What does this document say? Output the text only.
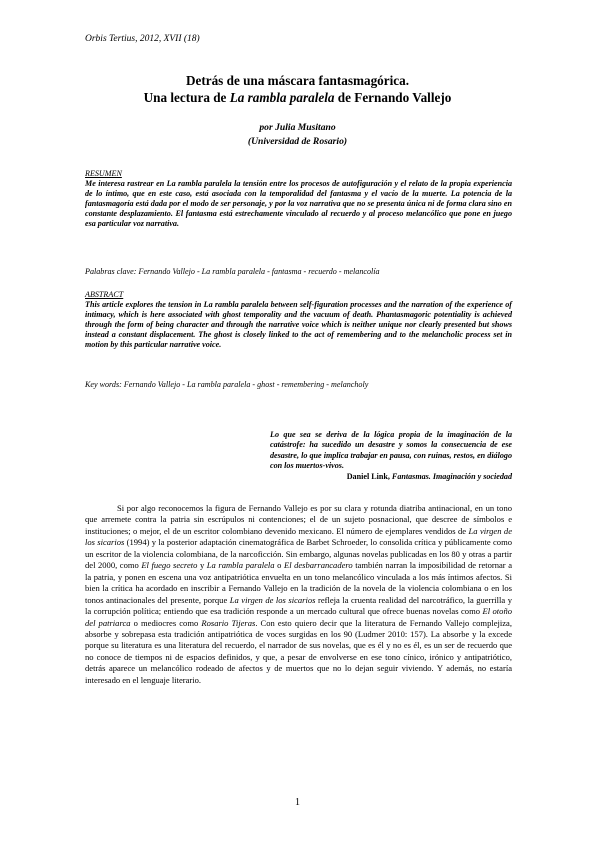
Orbis Tertius, 2012, XVII (18)
Detrás de una máscara fantasmagórica.
Una lectura de La rambla paralela de Fernando Vallejo
por Julia Musitano
(Universidad de Rosario)
RESUMEN

Me interesa rastrear en La rambla paralela la tensión entre los procesos de autofiguración y el relato de la propia experiencia de lo íntimo, que en este caso, está asociada con la temporalidad del fantasma y el vacío de la muerte. La potencia de la fantasmagoría está dada por el modo de ser personaje, y por la voz narrativa que no se presenta única ni de forma clara sino en constante desplazamiento. El fantasma está estrechamente vinculado al recuerdo y al proceso melancólico que pone en juego esa particular voz narrativa.

Palabras clave: Fernando Vallejo - La rambla paralela - fantasma - recuerdo - melancolía
ABSTRACT

This article explores the tension in La rambla paralela between self-figuration processes and the narration of the experience of intimacy, which is here associated with ghost temporality and the vacuum of death. Phantasmagoric potentiality is achieved through the form of being character and through the narrative voice which is neither unique nor clearly presented but shows instead a constant displacement. The ghost is closely linked to the act of remembering and to the melancholic process set in motion by this particular narrative voice.

Key words: Fernando Vallejo - La rambla paralela - ghost - remembering - melancholy

Lo que sea se deriva de la lógica propia de la imaginación de la catástrofe: ha sucedido un desastre y somos la consecuencia de ese desastre, lo que implica trabajar en pausa, con ruinas, restos, en diálogo con los muertos-vivos.

Daniel Link, Fantasmas. Imaginación y sociedad

Si por algo reconocemos la figura de Fernando Vallejo es por su clara y rotunda diatriba antinacional, en un tono que arremete contra la patria sin escrúpulos ni contenciones; el de un sujeto posnacional, que descree de símbolos e instituciones; o mejor, el de un escritor colombiano devenido mexicano. El número de ejemplares vendidos de La virgen de los sicarios (1994) y la posterior adaptación cinematográfica de Barbet Schroeder, lo consolida crítica y públicamente como un escritor de la violencia colombiana, de la narcoficción. Sin embargo, algunas novelas publicadas en los 80 y otras a partir del 2000, como El fuego secreto y La rambla paralela o El desbarrancadero también narran la imposibilidad de retornar a la patria, y ponen en escena una voz antipatriótica envuelta en un tono melancólico vinculada a los más íntimos afectos. Si bien la crítica ha acordado en inscribir a Fernando Vallejo en la tradición de la novela de la violencia colombiana o en los tonos antinacionales del presente, porque La virgen de los sicarios refleja la cruenta realidad del narcotráfico, la guerrilla y la corrupción política; entiendo que esa tradición responde a un mercado cultural que ofrece buenas novelas como El otoño del patriarca o mediocres como Rosario Tijeras. Con esto quiero decir que la literatura de Fernando Vallejo complejiza, absorbe y sobrepasa esta tradición antipatriótica de voces surgidas en los 90 (Ludmer 2010: 157). La absorbe y la excede porque su literatura es una literatura del recuerdo, el narrador de sus novelas, que es él y no es él, es un ser de recuerdo que no conoce de tiempos ni de espacios definidos, y que, a pesar de envolverse en ese tono cínico, irónico y antipatriótico, detrás aparece un melancólico rodeado de afectos y de muertos que no lo dejan seguir viviendo. Y además, no estaría interesado en el lenguaje literario.
1
